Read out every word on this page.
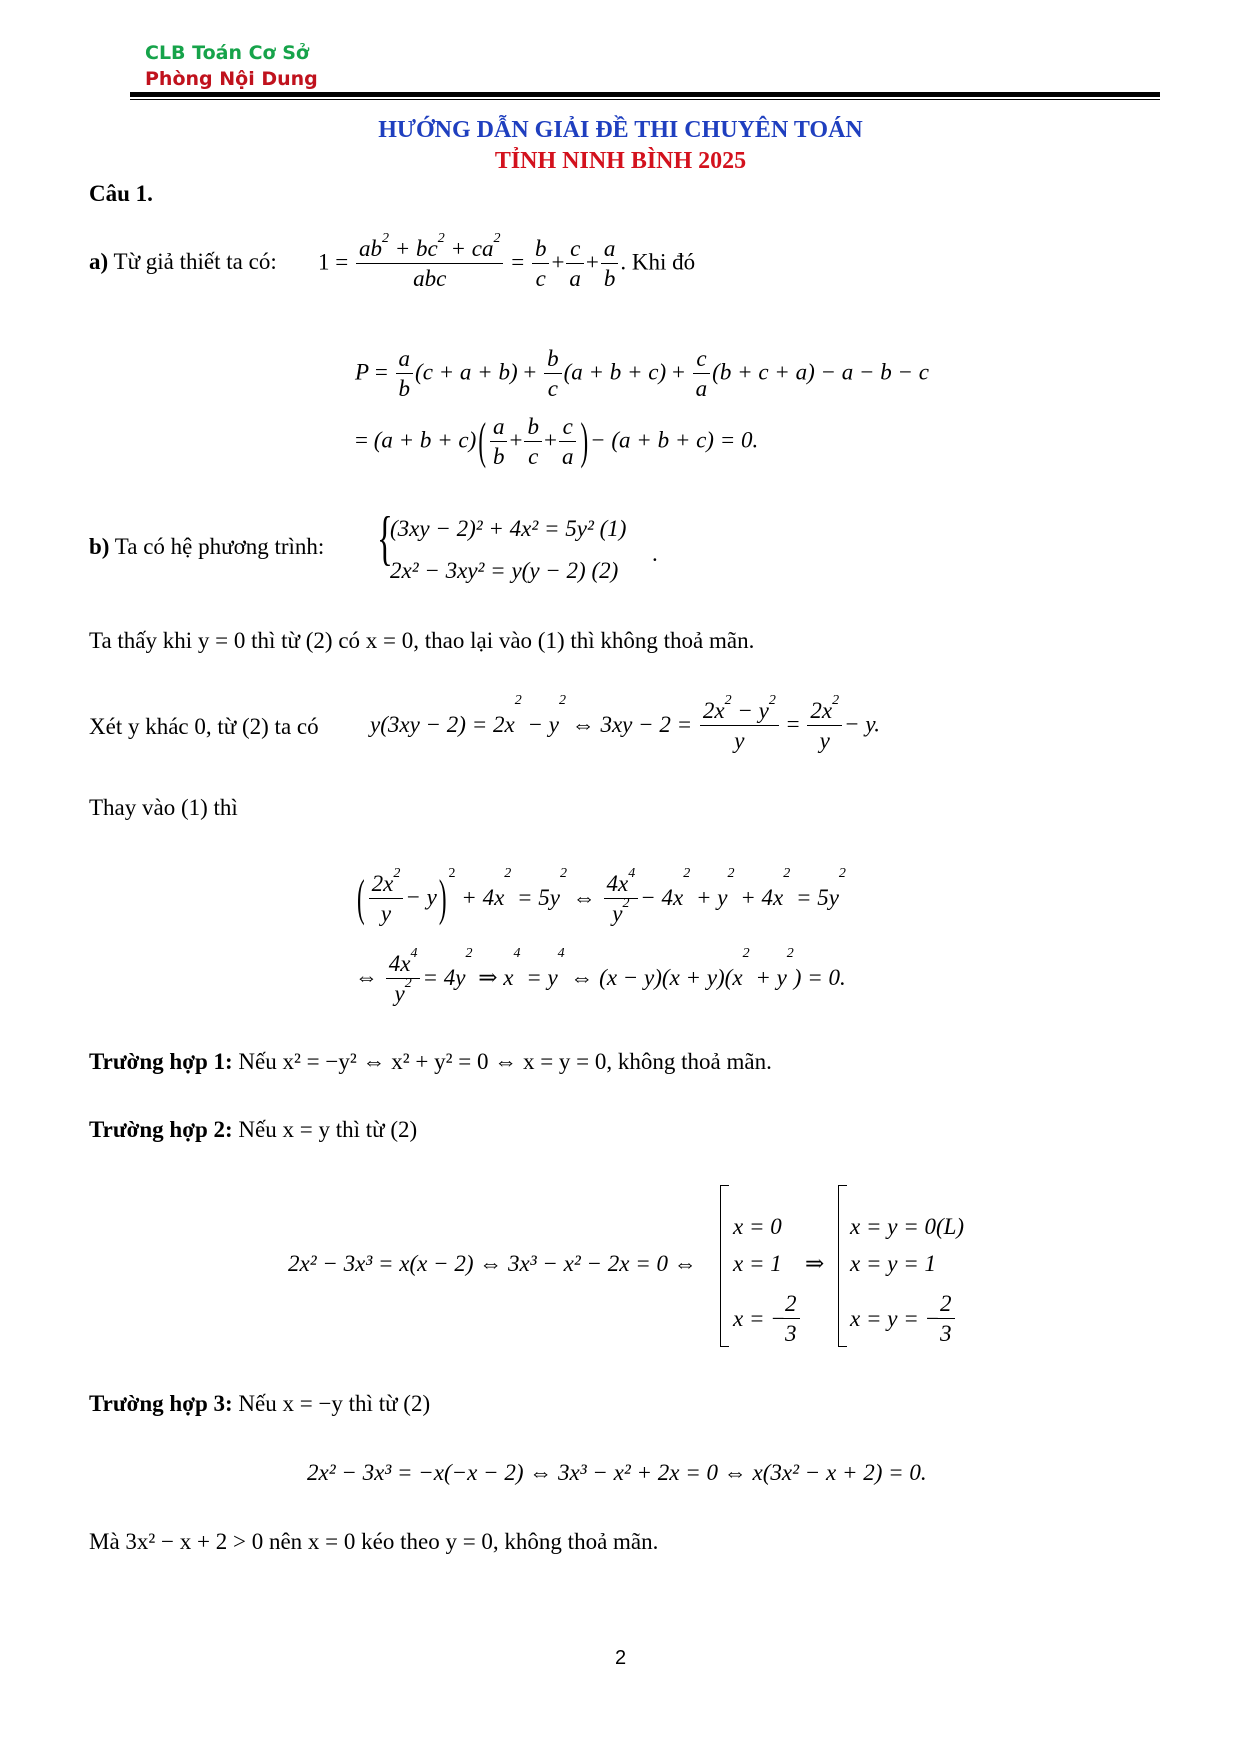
CLB Toán Cơ Sở
Phòng Nội Dung
HƯỚNG DẪN GIẢI ĐỀ THI CHUYÊN TOÁN
TỈNH NINH BÌNH 2025
Câu 1.
a) Từ giả thiết ta có: $1 = \frac{ab^2 + bc^2 + ca^2}{\text{abc}} = \frac{b}{c} + \frac{c}{a} + \frac{a}{b}$ . Khi đó
$P = \frac{a}{b} (c + a + b) + \frac{b}{c} (a + b + c) + \frac{c}{a} (b + c + a) - a - b - c$
= $(a + b + c)( \frac{a}{b} + \frac{b}{c} + \frac{c}{a}$ )− (a + b + c) = 0.
b) Ta có hệ phương trình: {
(3xy − 2)² + 4x² = 5y² (1)
2x² − 3xy² = y(y − 2) (2)
.
Ta thấy khi y = 0 thì từ (2) có x = 0, thao lại vào (1) thì không thoả mãn.
Xét y khác 0, từ (2) ta có $y(3xy - 2) = 2x^2 - y^2$ ⇔ $3xy - 2 = \frac{2x^2 - y^2}{y} = \frac{2x^2}{y} - y$.
Thay vào (1) thì
( $\frac{2x^2}{y} - y$) $^2 + 4x^2 = 5y^2$ ⇔ $\frac{4x^4}{y^2} - 4x^2 + y^2 + 4x^2 = 5y^2$
⇔ $\frac{4x^4}{y^2} = 4y^2$ ⇒ $x^4 = y^4$ ⇔ $(x - y)(x + y)(x^2 + y^2) = 0$.
Trường hợp 1: Nếu x² = −y² ⇔ x² + y² = 0 ⇔ x = y = 0, không thoả mãn.
Trường hợp 2: Nếu x = y thì từ (2)
2x² − 3x³ = x(x − 2) ⇔ 3x³ − x² − 2x = 0 ⇔
x = 0
x = 1
x = −
$\frac{2}{3}$
⇒
x = y = 0(L)
x = y = 1
x = y = −
$\frac{2}{3}$
Trường hợp 3: Nếu x = −y thì từ (2)
2x² − 3x³ = −x(−x − 2) ⇔ 3x³ − x² + 2x = 0 ⇔ x(3x² − x + 2) = 0.
Mà 3x² − x + 2 > 0 nên x = 0 kéo theo y = 0, không thoả mãn.
2
